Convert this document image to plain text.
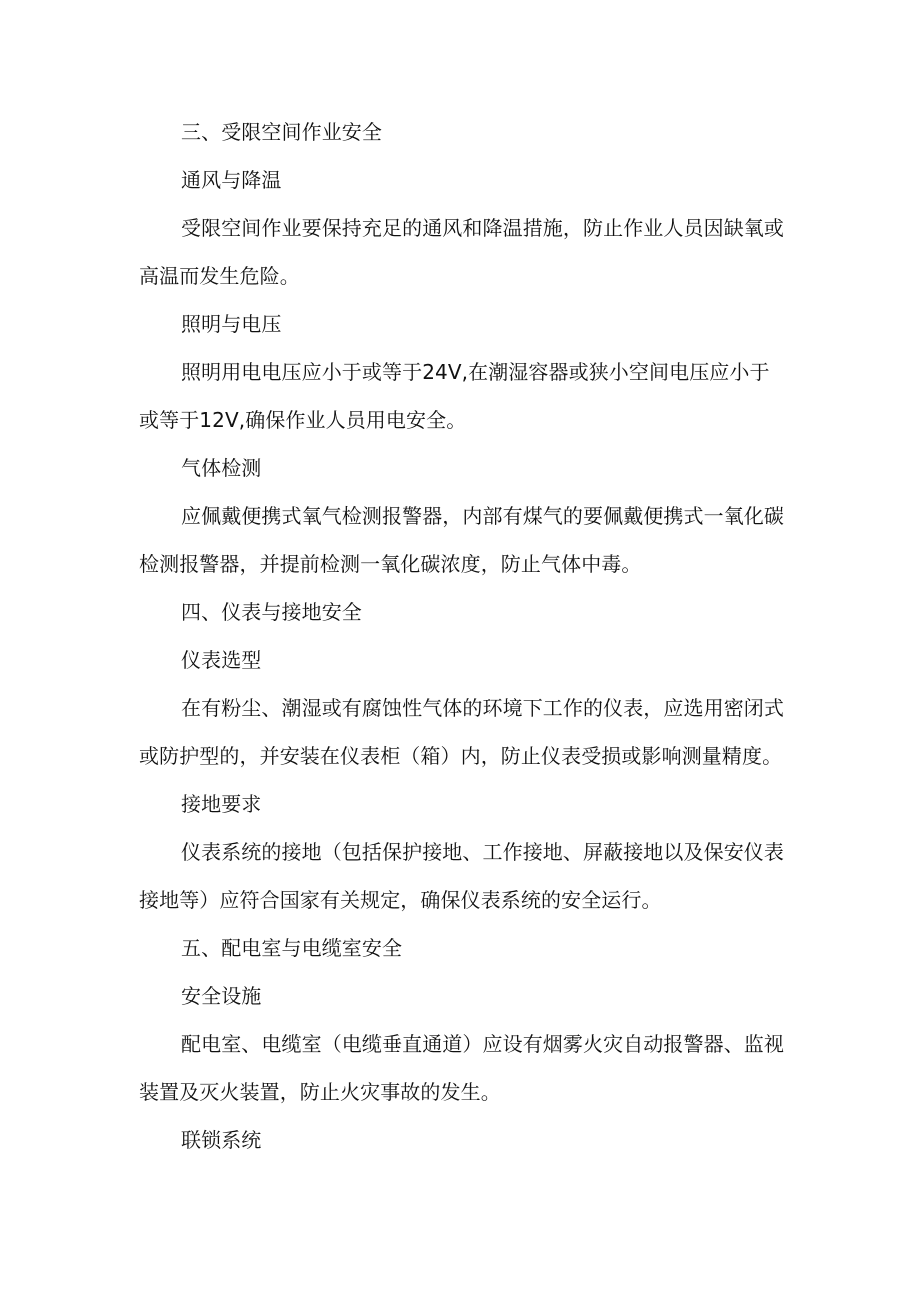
三、受限空间作业安全
通风与降温
受限空间作业要保持充足的通风和降温措施，防止作业人员因缺氧或
高温而发生危险。
照明与电压
照明用电电压应小于或等于24V,在潮湿容器或狭小空间电压应小于
或等于12V,确保作业人员用电安全。
气体检测
应佩戴便携式氧气检测报警器，内部有煤气的要佩戴便携式一氧化碳
检测报警器，并提前检测一氧化碳浓度，防止气体中毒。
四、仪表与接地安全
仪表选型
在有粉尘、潮湿或有腐蚀性气体的环境下工作的仪表，应选用密闭式
或防护型的，并安装在仪表柜（箱）内，防止仪表受损或影响测量精度。
接地要求
仪表系统的接地（包括保护接地、工作接地、屏蔽接地以及保安仪表
接地等）应符合国家有关规定，确保仪表系统的安全运行。
五、配电室与电缆室安全
安全设施
配电室、电缆室（电缆垂直通道）应设有烟雾火灾自动报警器、监视
装置及灭火装置，防止火灾事故的发生。
联锁系统
